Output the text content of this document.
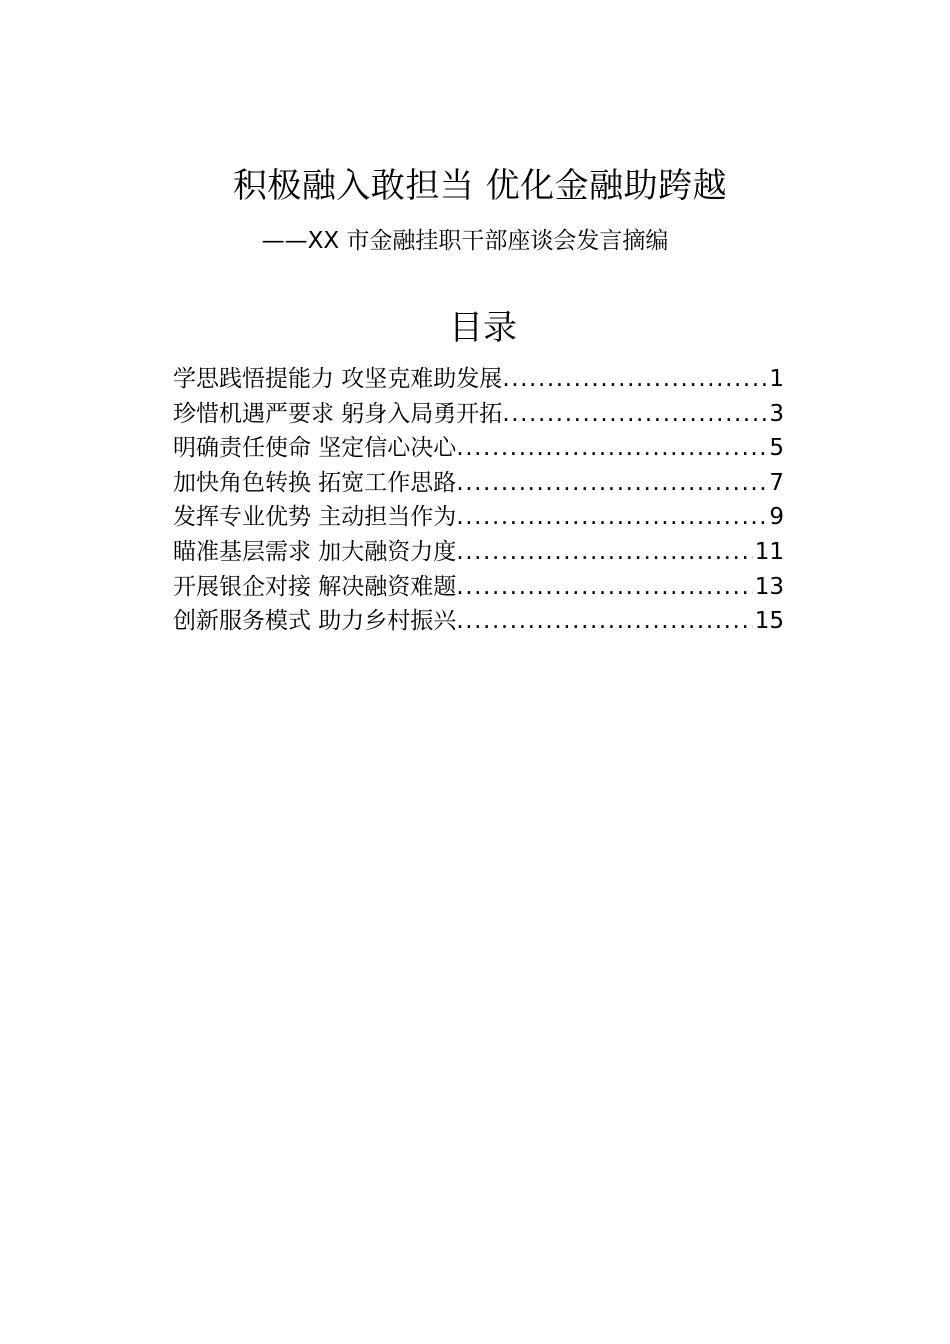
积极融入敢担当 优化金融助跨越
——XX 市金融挂职干部座谈会发言摘编
目录
学思践悟提能力 攻坚克难助发展 .....	1
珍惜机遇严要求 躬身入局勇开拓 .....	3
明确责任使命 坚定信心决心 .....	5
加快角色转换 拓宽工作思路 .....	7
发挥专业优势 主动担当作为 .....	9
瞄准基层需求 加大融资力度 .....	11
开展银企对接 解决融资难题 .....	13
创新服务模式 助力乡村振兴 .....	15
